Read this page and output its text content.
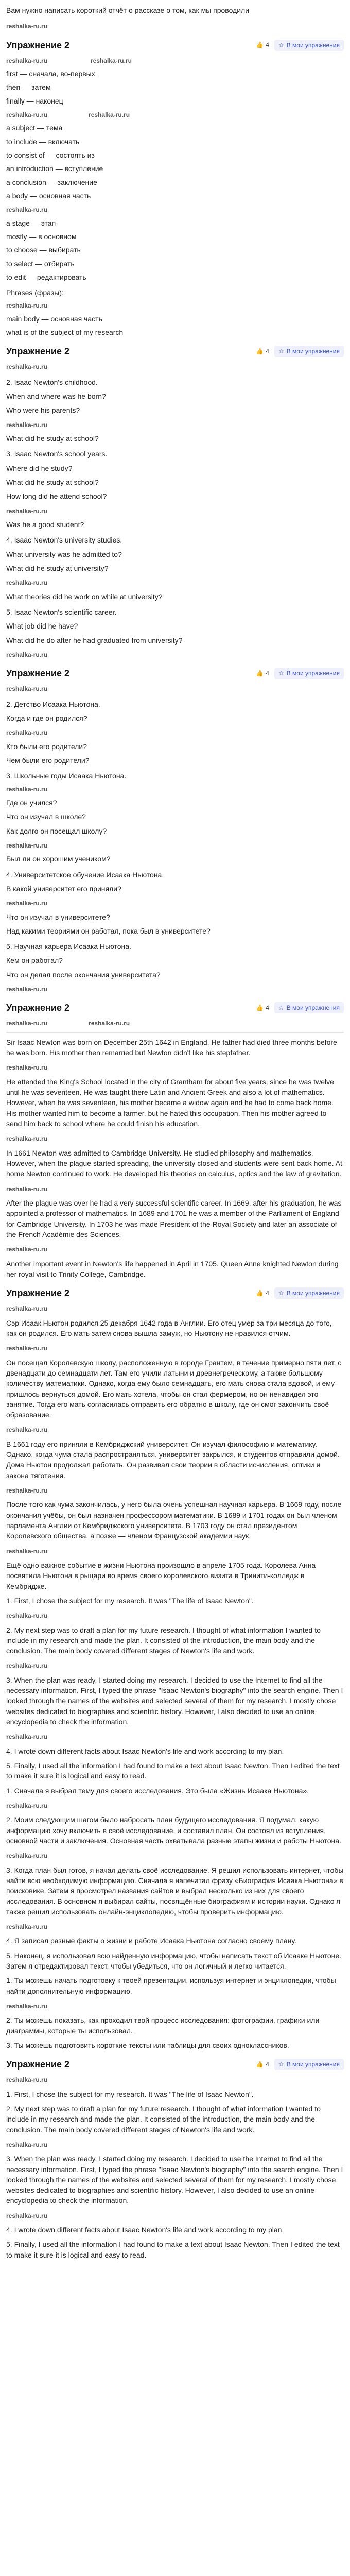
Вам нужно написать короткий отчёт о рассказе о том, как мы проводили

reshalka-ru.ru
Упражнение 2	👍 4 ☆ В мои упражнения
reshalka-ru.ru	reshalka-ru.ru
first — сначала, во-первых
then — затем
finally — наконец
reshalka-ru.ru	reshalka-ru.ru
a subject — тема
to include — включать
to consist of — состоять из
an introduction — вступление
a conclusion — заключение
a body — основная часть
reshalka-ru.ru
a stage — этап
mostly — в основном
to choose — выбирать
to select — отбирать
to edit — редактировать

Phrases (фразы):

reshalka-ru.ru
main body — основная часть
what is of the subject of my research
Упражнение 2	👍 4 ☆ В мои упражнения
reshalka-ru.ru

2. Isaac Newton's childhood.

When and where was he born?

Who were his parents?

reshalka-ru.ru

What did he study at school?

3. Isaac Newton's school years.

Where did he study?

What did he study at school?

How long did he attend school?

reshalka-ru.ru

Was he a good student?

4. Isaac Newton's university studies.

What university was he admitted to?

What did he study at university?

reshalka-ru.ru

What theories did he work on while at university?

5. Isaac Newton's scientific career.

What job did he have?

What did he do after he had graduated from university?

reshalka-ru.ru
Упражнение 2	👍 4 ☆ В мои упражнения
reshalka-ru.ru

2. Детство Исаака Ньютона.

Когда и где он родился?

reshalka-ru.ru

Кто были его родители?

Чем были его родители?

3. Школьные годы Исаака Ньютона.

reshalka-ru.ru

Где он учился?

Что он изучал в школе?

Как долго он посещал школу?

reshalka-ru.ru

Был ли он хорошим учеником?

4. Университетское обучение Исаака Ньютона.

В какой университет его приняли?

reshalka-ru.ru

Что он изучал в университете?

Над какими теориями он работал, пока был в университете?

5. Научная карьера Исаака Ньютона.

Кем он работал?

Что он делал после окончания университета?

reshalka-ru.ru
Упражнение 2	👍 4 ☆ В мои упражнения
reshalka-ru.ru	reshalka-ru.ru

Sir Isaac Newton was born on December 25th 1642 in England. He father had died three months before he was born. His mother then remarried but Newton didn't like his stepfather.

reshalka-ru.ru

He attended the King's School located in the city of Grantham for about five years, since he was twelve until he was seventeen. He was taught there Latin and Ancient Greek and also a lot of mathematics. However, when he was seventeen, his mother became a widow again and he had to come back home. His mother wanted him to become a farmer, but he hated this occupation. Then his mother agreed to send him back to school where he could finish his education.

reshalka-ru.ru

In 1661 Newton was admitted to Cambridge University. He studied philosophy and mathematics. However, when the plague started spreading, the university closed and students were sent back home. At home Newton continued to work. He developed his theories on calculus, optics and the law of gravitation.

reshalka-ru.ru

After the plague was over he had a very successful scientific career. In 1669, after his graduation, he was appointed a professor of mathematics. In 1689 and 1701 he was a member of the Parliament of England for Cambridge University. In 1703 he was made President of the Royal Society and later an associate of the French Académie des Sciences.

reshalka-ru.ru

Another important event in Newton's life happened in April in 1705. Queen Anne knighted Newton during her royal visit to Trinity College, Cambridge.

Упражнение 2	👍 4 ☆ В мои упражнения
reshalka-ru.ru

Сэр Исаак Ньютон родился 25 декабря 1642 года в Англии. Его отец умер за три месяца до того, как он родился. Его мать затем снова вышла замуж, но Ньютону не нравился отчим.

reshalka-ru.ru

Он посещал Королевскую школу, расположенную в городе Грантем, в течение примерно пяти лет, с двенадцати до семнадцати лет. Там его учили латыни и древнегреческому, а также большому количеству математики. Однако, когда ему было семнадцать, его мать снова стала вдовой, и ему пришлось вернуться домой. Его мать хотела, чтобы он стал фермером, но он ненавидел это занятие. Тогда его мать согласилась отправить его обратно в школу, где он смог закончить своё образование.

reshalka-ru.ru

В 1661 году его приняли в Кембриджский университет. Он изучал философию и математику. Однако, когда чума стала распространяться, университет закрылся, и студентов отправили домой. Дома Ньютон продолжал работать. Он развивал свои теории в области исчисления, оптики и закона тяготения.

reshalka-ru.ru

После того как чума закончилась, у него была очень успешная научная карьера. В 1669 году, после окончания учёбы, он был назначен профессором математики. В 1689 и 1701 годах он был членом парламента Англии от Кембриджского университета. В 1703 году он стал президентом Королевского общества, а позже — членом Французской академии наук.

reshalka-ru.ru

Ещё одно важное событие в жизни Ньютона произошло в апреле 1705 года. Королева Анна посвятила Ньютона в рыцари во время своего королевского визита в Тринити-колледж в Кембридже.

1. First, I chose the subject for my research. It was "The life of Isaac Newton".

reshalka-ru.ru

2. My next step was to draft a plan for my future research. I thought of what information I wanted to include in my research and made the plan. It consisted of the introduction, the main body and the conclusion. The main body covered different stages of Newton's life and work.

reshalka-ru.ru

3. When the plan was ready, I started doing my research. I decided to use the Internet to find all the necessary information. First, I typed the phrase "Isaac Newton's biography" into the search engine. Then I looked through the names of the websites and selected several of them for my research. I mostly chose websites dedicated to biographies and scientific history. However, I also decided to use an online encyclopedia to check the information.

reshalka-ru.ru

4. I wrote down different facts about Isaac Newton's life and work according to my plan.

5. Finally, I used all the information I had found to make a text about Isaac Newton. Then I edited the text to make it sure it is logical and easy to read.

1. Сначала я выбрал тему для своего исследования. Это была «Жизнь Исаака Ньютона».

reshalka-ru.ru

2. Моим следующим шагом было набросать план будущего исследования. Я подумал, какую информацию хочу включить в своё исследование, и составил план. Он состоял из вступления, основной части и заключения. Основная часть охватывала разные этапы жизни и работы Ньютона.

reshalka-ru.ru

3. Когда план был готов, я начал делать своё исследование. Я решил использовать интернет, чтобы найти всю необходимую информацию. Сначала я напечатал фразу «Биография Исаака Ньютона» в поисковике. Затем я просмотрел названия сайтов и выбрал несколько из них для своего исследования. В основном я выбирал сайты, посвящённые биографиям и истории науки. Однако я также решил использовать онлайн-энциклопедию, чтобы проверить информацию.

reshalka-ru.ru

4. Я записал разные факты о жизни и работе Исаака Ньютона согласно своему плану.

5. Наконец, я использовал всю найденную информацию, чтобы написать текст об Исааке Ньютоне. Затем я отредактировал текст, чтобы убедиться, что он логичный и легко читается.

1. Ты можешь начать подготовку к твоей презентации, используя интернет и энциклопедии, чтобы найти дополнительную информацию.

reshalka-ru.ru

2. Ты можешь показать, как проходил твой процесс исследования: фотографии, графики или диаграммы, которые ты использовал.

3. Ты можешь подготовить короткие тексты или таблицы для своих одноклассников.

Упражнение 2	👍 4 ☆ В мои упражнения
reshalka-ru.ru

1. First, I chose the subject for my research. It was "The life of Isaac Newton".

2. My next step was to draft a plan for my future research. I thought of what information I wanted to include in my research and made the plan. It consisted of the introduction, the main body and the conclusion. The main body covered different stages of Newton's life and work.

reshalka-ru.ru

3. When the plan was ready, I started doing my research. I decided to use the Internet to find all the necessary information. First, I typed the phrase "Isaac Newton's biography" into the search engine. Then I looked through the names of the websites and selected several of them for my research. I mostly chose websites dedicated to biographies and scientific history. However, I also decided to use an online encyclopedia to check the information.

reshalka-ru.ru

4. I wrote down different facts about Isaac Newton's life and work according to my plan.

5. Finally, I used all the information I had found to make a text about Isaac Newton. Then I edited the text to make it sure it is logical and easy to read.
